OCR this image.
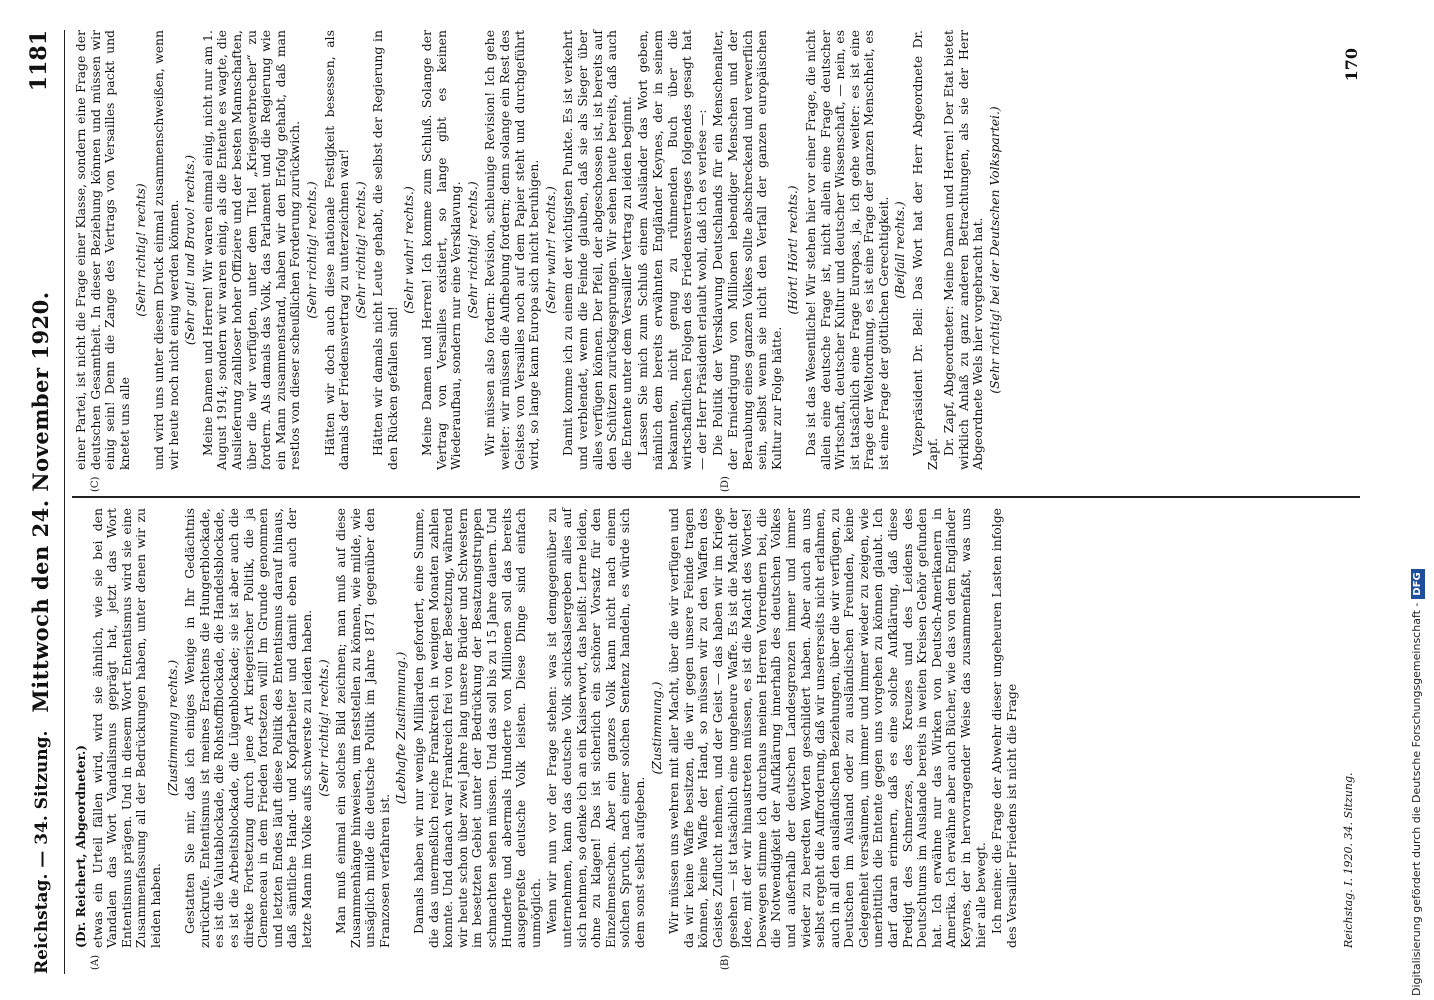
Reichstag. — 34. Sitzung.
Mittwoch den 24. November 1920.
1181
(A)	(B)
(C)	(D)

(Dr. Reichert, Abgeordneter.) etwas ein Urteil fällen wird, wird sie ähnlich, wie sie bei den Vandalen das Wort Vandalismus geprägt hat, jetzt das Wort Ententismus prägen. Und in diesem Wort Ententismus wird sie eine Zusammenfassung all der Bedrückungen haben, unter denen wir zu leiden haben.

(Zustimmung rechts.) Gestatten Sie mir, daß ich einiges Wenige in Ihr Gedächtnis zurückrufe. Ententismus ist meines Erachtens die Hungerblockade, es ist die Valutablockade, die Rohstoffblockade, die Handelsblockade, es ist die Arbeitsblockade, die Lügenblockade; sie ist aber auch die direkte Fortsetzung durch jene Art kriegerischer Politik, die ja Clemenceau in dem Frieden fortsetzen will! Im Grunde genommen und letzten Endes läuft diese Politik des Ententismus darauf hinaus, daß sämtliche Hand- und Kopfarbeiter und damit eben auch der letzte Mann im Volke aufs schwerste zu leiden haben. (Sehr richtig! rechts.) Man muß einmal ein solches Bild zeichnen; man muß auf diese Zusammenhänge hinweisen, um feststellen zu können, wie milde, wie unsäglich milde die deutsche Politik im Jahre 1871 gegenüber den Franzosen verfahren ist.

(Lebhafte Zustimmung.) Damals haben wir nur wenige Milliarden gefordert, eine Summe, die das unermeßlich reiche Frankreich in wenigen Monaten zahlen konnte. Und danach war Frankreich frei von der Besetzung, während wir heute schon über zwei Jahre lang unsere Brüder und Schwestern im besetzten Gebiet unter der Bedrückung der Besatzungstruppen schmachten sehen müssen. Und das soll bis zu 15 Jahre dauern. Und Hunderte und abermals Hunderte von Millionen soll das bereits ausgepreßte deutsche Volk leisten. Diese Dinge sind einfach unmöglich. Wenn wir nun vor der Frage stehen: was ist demgegenüber zu unternehmen, kann das deutsche Volk schicksalsergeben alles auf sich nehmen, so denke ich an ein Kaiserwort, das heißt: Lerne leiden, ohne zu klagen! Das ist sicherlich ein schöner Vorsatz für den Einzelmenschen. Aber ein ganzes Volk kann nicht nach einem solchen Spruch, nach einer solchen Sentenz handeln, es würde sich dem sonst selbst aufgeben.

(Zustimmung.) Wir müssen uns wehren mit aller Macht, über die wir verfügen und da wir keine Waffe besitzen, die wir gegen unsere Feinde tragen können, keine Waffe der Hand, so müssen wir zu den Waffen des Geistes Zuflucht nehmen, und der Geist — das haben wir im Kriege gesehen — ist tatsächlich eine ungeheure Waffe. Es ist die Macht der Idee, mit der wir hinaustreten müssen, es ist die Macht des Wortes! Deswegen stimme ich durchaus meinen Herren Vorrednern bei, die die Notwendigkeit der Aufklärung innerhalb des deutschen Volkes und außerhalb der deutschen Landesgrenzen immer und immer wieder zu beredten Worten geschildert haben. Aber auch an uns selbst ergeht die Aufforderung, daß wir unsererseits nicht erlahmen, auch in all den ausländischen Beziehungen, über die wir verfügen, zu Deutschen im Ausland oder zu ausländischen Freunden, keine Gelegenheit versäumen, um immer und immer wieder zu zeigen, wie unerbittlich die Entente gegen uns vorgehen zu können glaubt. Ich darf daran erinnern, daß es eine solche Aufklärung, daß diese Predigt des Schmerzes, des Kreuzes und des Leidens des Deutschtums im Auslande bereits in weiten Kreisen Gehör gefunden hat. Ich erwähne nur das Wirken von Deutsch-Amerikanern in Amerika. Ich erwähne aber auch Bücher, wie das von dem Engländer Keynes, der in hervorragender Weise das zusammenfaßt, was uns hier alle bewegt. Ich meine: die Frage der Abwehr dieser ungeheuren Lasten infolge des Versailler Friedens ist nicht die Frage

einer Partei, ist nicht die Frage einer Klasse, sondern eine Frage der deutschen Gesamtheit. In dieser Beziehung können und müssen wir einig sein! Denn die Zange des Vertrags von Versailles packt und knetet uns alle

(Sehr richtig! rechts) und wird uns unter diesem Druck einmal zusammenschweißen, wenn wir heute noch nicht einig werden können. (Sehr gut! und Bravo! rechts.) Meine Damen und Herren! Wir waren einmal einig, nicht nur am 1. August 1914; sondern wir waren einig, als die Entente es wagte, die Auslieferung zahlloser hoher Offiziere und der besten Mannschaften, über die wir verfügten, unter dem Titel „Kriegsverbrecher“ zu fordern. Als damals das Volk, das Parlament und die Regierung wie ein Mann zusammenstand, haben wir den Erfolg gehabt, daß man restlos von dieser scheußlichen Forderung zurückwich. (Sehr richtig! rechts.) Hätten wir doch auch diese nationale Festigkeit besessen, als damals der Friedensvertrag zu unterzeichnen war! (Sehr richtig! rechts.) Hätten wir damals nicht Leute gehabt, die selbst der Regierung in den Rücken gefallen sind!

(Sehr wahr! rechts.) Meine Damen und Herren! Ich komme zum Schluß. Solange der Vertrag von Versailles existiert, so lange gibt es keinen Wiederaufbau, sondern nur eine Versklavung. (Sehr richtig! rechts.) Wir müssen also fordern: Revision, schleunige Revision! Ich gehe weiter: wir müssen die Aufhebung fordern; denn solange ein Rest des Geistes von Versailles noch auf dem Papier steht und durchgeführt wird, so lange kann Europa sich nicht beruhigen. (Sehr wahr! rechts.) Damit komme ich zu einem der wichtigsten Punkte. Es ist verkehrt und verblendet, wenn die Feinde glauben, daß sie als Sieger über alles verfügen können. Der Pfeil, der abgeschossen ist, ist bereits auf den Schützen zurückgesprungen. Wir sehen heute bereits, daß auch die Entente unter dem Versailler Vertrag zu leiden beginnt. Lassen Sie mich zum Schluß einem Ausländer das Wort geben, nämlich dem bereits erwähnten Engländer Keynes, der in seinem bekannten, nicht genug zu rühmenden Buch über die wirtschaftlichen Folgen des Friedensvertrages folgendes gesagt hat — der Herr Präsident erlaubt wohl, daß ich es verlese —: Die Politik der Versklavung Deutschlands für ein Menschenalter, der Erniedrigung von Millionen lebendiger Menschen und der Beraubung eines ganzen Volkes sollte abschreckend und verwerflich sein, selbst wenn sie nicht den Verfall der ganzen europäischen Kultur zur Folge hätte.

(Hört! Hört! rechts.) Das ist das Wesentliche! Wir stehen hier vor einer Frage, die nicht allein eine deutsche Frage ist, nicht allein eine Frage deutscher Wirtschaft, deutscher Kultur und deutscher Wissenschaft, — nein, es ist tatsächlich eine Frage Europas, ja, ich gehe weiter: es ist eine Frage der Weltordnung, es ist eine Frage der ganzen Menschheit, es ist eine Frage der göttlichen Gerechtigkeit. (Beifall rechts.) Vizepräsident Dr. Bell: Das Wort hat der Herr Abgeordnete Dr. Zapf. Dr. Zapf, Abgeordneter: Meine Damen und Herren! Der Etat bietet wirklich Anlaß zu ganz anderen Betrachtungen, als sie der Herr Abgeordnete Wels hier vorgebracht hat. (Sehr richtig! bei der Deutschen Volkspartei.)

Reichstag. I. 1920. 34. Sitzung.
170
Digitalisierung gefördert durch die Deutsche Forschungsgemeinschaft -DFG
